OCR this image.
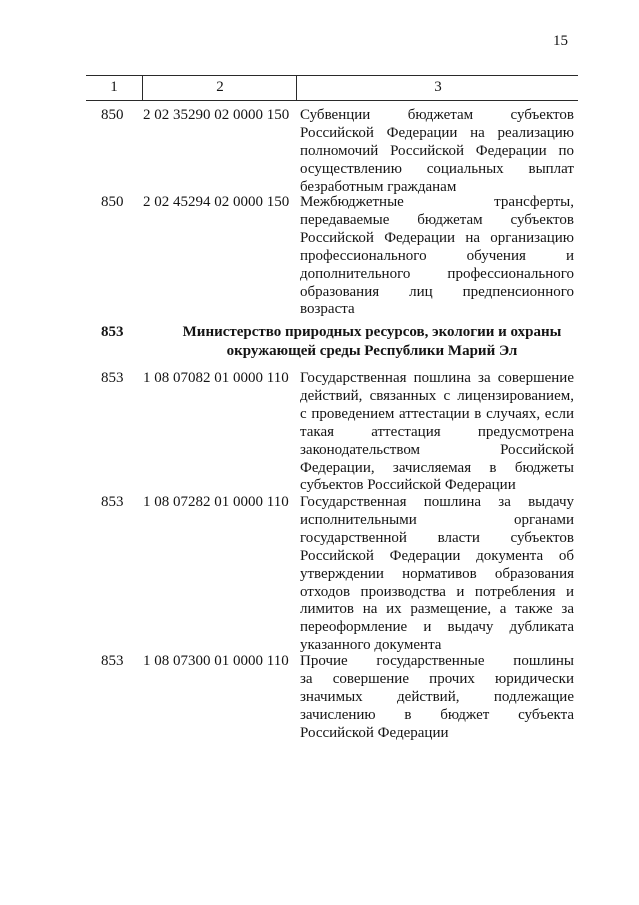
15
1	2	3
850 2 02 35290 02 0000 150 Субвенции бюджетам субъектов
Российской Федерации на реализацию
полномочий Российской Федерации по
осуществлению социальных выплат
безработным гражданам
850 2 02 45294 02 0000 150 Межбюджетные трансферты,
передаваемые бюджетам субъектов
Российской Федерации на организацию
профессионального обучения и
дополнительного профессионального
образования лиц предпенсионного
возраста
853	Министерство природных ресурсов, экологии и охраны
окружающей среды Республики Марий Эл
853 1 08 07082 01 0000 110 Государственная пошлина за совершение
действий, связанных с лицензированием,
с проведением аттестации в случаях, если
такая аттестация предусмотрена
законодательством Российской
Федерации, зачисляемая в бюджеты
субъектов Российской Федерации
853 1 08 07282 01 0000 110 Государственная пошлина за выдачу
исполнительными органами
государственной власти субъектов
Российской Федерации документа об
утверждении нормативов образования
отходов производства и потребления и
лимитов на их размещение, а также за
переоформление и выдачу дубликата
указанного документа
853 1 08 07300 01 0000 110 Прочие государственные пошлины
за совершение прочих юридически
значимых действий, подлежащие
зачислению в бюджет субъекта
Российской Федерации
